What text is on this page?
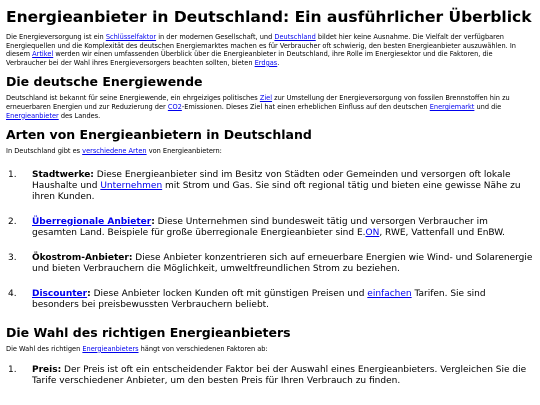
Energieanbieter in Deutschland: Ein ausführlicher Überblick

Die Energieversorgung ist ein Schlüsselfaktor in der modernen Gesellschaft, und Deutschland bildet hier keine Ausnahme. Die Vielfalt der verfügbaren Energiequellen und die Komplexität des deutschen Energiemarktes machen es für Verbraucher oft schwierig, den besten Energieanbieter auszuwählen. In diesem Artikel werden wir einen umfassenden Überblick über die Energieanbieter in Deutschland, ihre Rolle im Energiesektor und die Faktoren, die Verbraucher bei der Wahl ihres Energieversorgers beachten sollten, bieten Erdgas.

Die deutsche Energiewende

Deutschland ist bekannt für seine Energiewende, ein ehrgeiziges politisches Ziel zur Umstellung der Energieversorgung von fossilen Brennstoffen hin zu erneuerbaren Energien und zur Reduzierung der CO2-Emissionen. Dieses Ziel hat einen erheblichen Einfluss auf den deutschen Energiemarkt und die Energieanbieter des Landes.

Arten von Energieanbietern in Deutschland

In Deutschland gibt es verschiedene Arten von Energieanbietern:

1. Stadtwerke: Diese Energieanbieter sind im Besitz von Städten oder Gemeinden und versorgen oft lokale Haushalte und Unternehmen mit Strom und Gas. Sie sind oft regional tätig und bieten eine gewisse Nähe zu ihren Kunden.
2. Überregionale Anbieter: Diese Unternehmen sind bundesweit tätig und versorgen Verbraucher im gesamten Land. Beispiele für große überregionale Energieanbieter sind E.ON, RWE, Vattenfall und EnBW.
3. Ökostrom-Anbieter: Diese Anbieter konzentrieren sich auf erneuerbare Energien wie Wind- und Solarenergie und bieten Verbrauchern die Möglichkeit, umweltfreundlichen Strom zu beziehen.
4. Discounter: Diese Anbieter locken Kunden oft mit günstigen Preisen und einfachen Tarifen. Sie sind besonders bei preisbewussten Verbrauchern beliebt.
Die Wahl des richtigen Energieanbieters

Die Wahl des richtigen Energieanbieters hängt von verschiedenen Faktoren ab:

1. Preis: Der Preis ist oft ein entscheidender Faktor bei der Auswahl eines Energieanbieters. Vergleichen Sie die Tarife verschiedener Anbieter, um den besten Preis für Ihren Verbrauch zu finden.
